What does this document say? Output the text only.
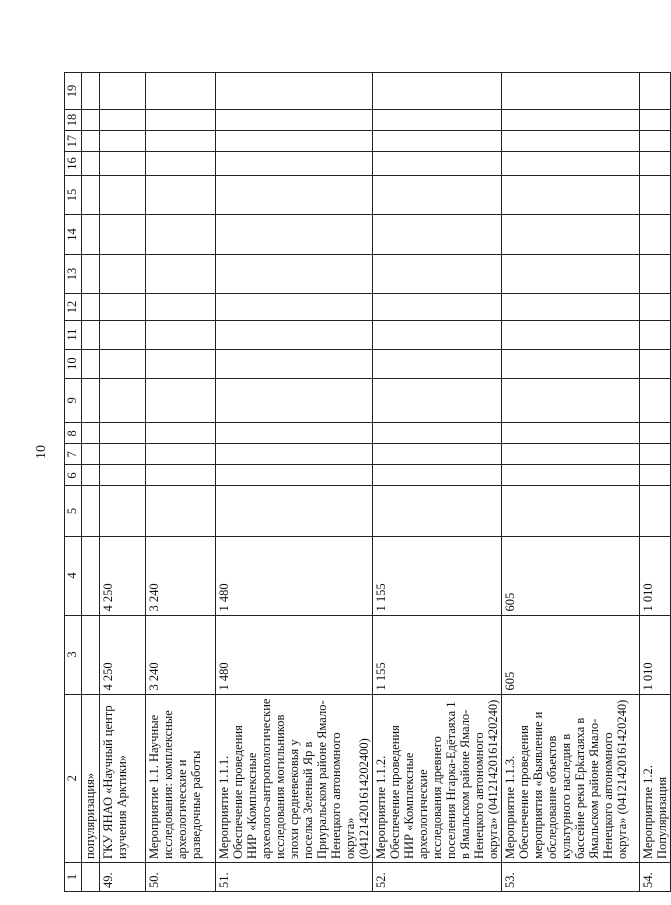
10
1	2	3	4	5	6	7	8	9	10	11	12	13	14	15	16	17	18	19
	популяризация»																	
49.	ГКУ ЯНАО «Научный центр изучения Арктики»	4 250	4 250															
50.	Мероприятие 1.1. Научные исследования: комплексные археологические и разведочные работы	3 240	3 240															
51.	Мероприятие 1.1.1. Обеспечение проведения НИР «Комплексные археолого-антропологические исследования могильников эпохи средневековья у поселка Зеленый Яр в Приуральском районе Ямало-Ненецкого автономного округа» (041214201614202400)	1 480	1 480															
52.	Мероприятие 1.1.2. Обеспечение проведения НИР «Комплексные археологические исследования древнего поселения Нгарка-Едётаяха 1 в Ямальском районе Ямало-Ненецкого автономного округа» (04121420161420240)	1 155	1 155															
53.	Мероприятие 1.1.3. Обеспечение проведения мероприятия «Выявление и обследование объектов культурного наследия в бассейне реки Ерkатаяха в Ямальском районе Ямало-Ненецкого автономного округа» (04121420161420240)	605	605															
54.	Мероприятие 1.2. Популяризация	1 010	1 010															
